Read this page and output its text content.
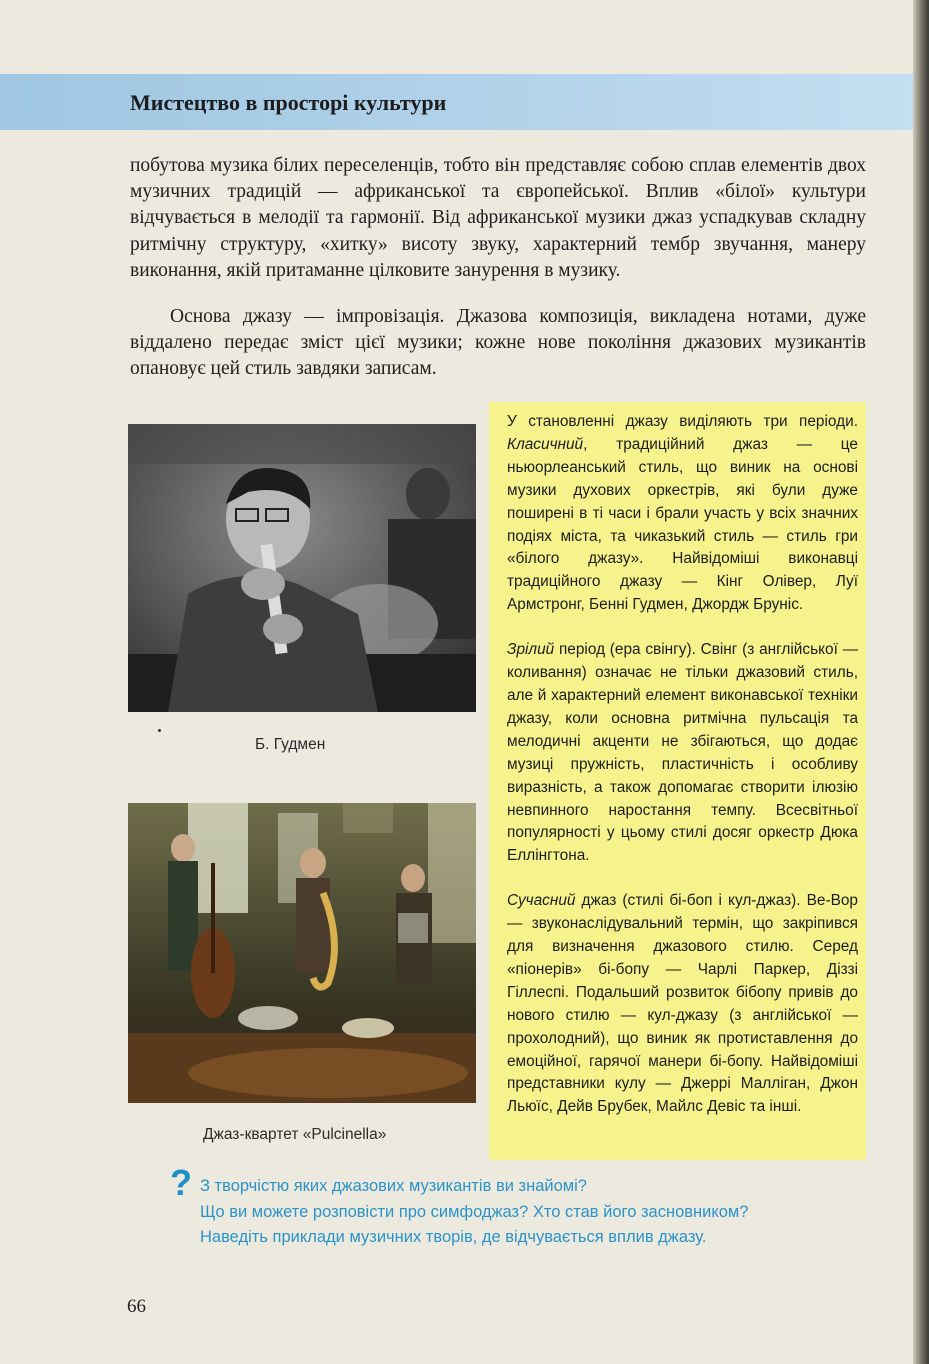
Мистецтво в просторі культури
побутова музика білих переселенців, тобто він представляє собою сплав елементів двох музичних традицій — африканської та європейської. Вплив «білої» культури відчувається в мелодії та гармонії. Від африканської музики джаз успадкував складну ритмічну структуру, «хитку» висоту звуку, характерний тембр звучання, манеру виконання, якій притаманне цілковите занурення в музику.
Основа джазу — імпровізація. Джазова композиція, викладена нотами, дуже віддалено передає зміст цієї музики; кожне нове покоління джазових музикантів опановує цей стиль завдяки записам.
Б. Гудмен
Джаз-квартет «Pulcinella»

У становленні джазу виділяють три періоди. Класичний, традиційний джаз — це ньюорлеанський стиль, що виник на основі музики духових оркестрів, які були дуже поширені в ті часи і брали участь у всіх значних подіях міста, та чиказький стиль — стиль гри «білого джазу». Найвідоміші виконавці традиційного джазу — Кінг Олівер, Луї Армстронг, Бенні Гудмен, Джордж Бруніс.

Зрілий період (ера свінгу). Свінг (з англійської — коливання) означає не тільки джазовий стиль, але й характерний елемент виконавської техніки джазу, коли основна ритмічна пульсація та мелодичні акценти не збігаються, що додає музиці пружність, пластичність і особливу виразність, а також допомагає створити ілюзію невпинного наростання темпу. Всесвітньої популярності у цьому стилі досяг оркестр Дюка Еллінгтона.

Сучасний джаз (стилі бі-боп і кул-джаз). Ве-Bop — звуконаслідувальний термін, що закріпився для визначення джазового стилю. Серед «піонерів» бі-бопу — Чарлі Паркер, Діззі Гіллеспі. Подальший розвиток бібопу привів до нового стилю — кул-джазу (з англійської — прохолодний), що виник як протиставлення до емоційної, гарячої манери бі-бопу. Найвідоміші представники кулу — Джеррі Малліган, Джон Льюїс, Дейв Брубек, Майлс Девіс та інші.

? З творчістю яких джазових музикантів ви знайомі?
Що ви можете розповісти про симфоджаз? Хто став його засновником?
Наведіть приклади музичних творів, де відчувається вплив джазу.
66
